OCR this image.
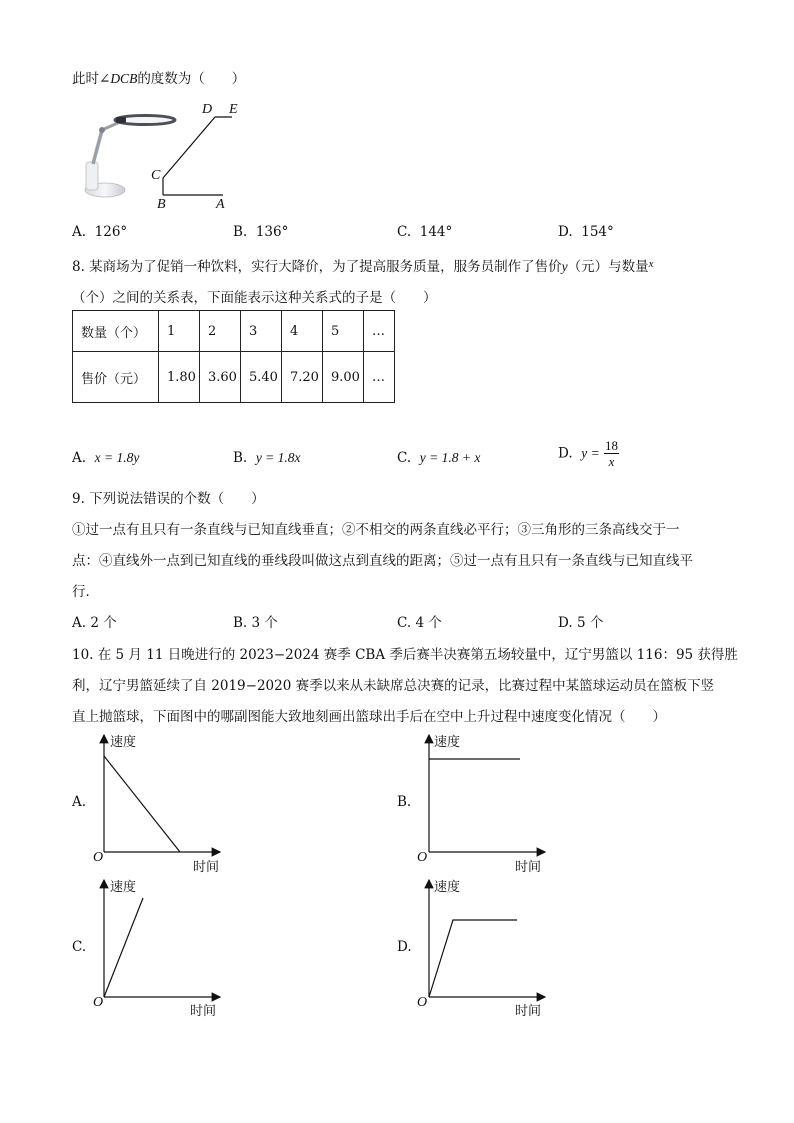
此时∠DCB的度数为（　　）
D E
C
B	A
A. 126°	B. 136°	C. 144°	D. 154°
8. 某商场为了促销一种饮料，实行大降价，为了提高服务质量，服务员制作了售价y（元）与数量$^x$
（个）之间的关系表，下面能表示这种关系式的子是（　　）
数量（个）	1	2	3	4	5	…
售价（元）	1.80	3.60	5.40	7.20	9.00	…
A. x = 1.8y	B. y = 1.8x	C. y = 1.8 + x	D. $y = \frac{18}{x}$
9. 下列说法错误的个数（　　）
①过一点有且只有一条直线与已知直线垂直；②不相交的两条直线必平行；③三角形的三条高线交于一
点：④直线外一点到已知直线的垂线段叫做这点到直线的距离；⑤过一点有且只有一条直线与已知直线平
行．
A. 2 个	B. 3 个	C. 4 个	D. 5 个
10. 在 5 月 11 日晚进行的 2023−2024 赛季 CBA 季后赛半决赛第五场较量中，辽宁男篮以 116：95 获得胜
利，辽宁男篮延续了自 2019−2020 赛季以来从未缺席总决赛的记录，比赛过程中某篮球运动员在篮板下竖
直上抛篮球，下面图中的哪副图能大致地刻画出篮球出手后在空中上升过程中速度变化情况（　　）
A.
速度
时间
O
B.
速度
时间
O
C.
速度
时间
O
D.
速度
时间
O
